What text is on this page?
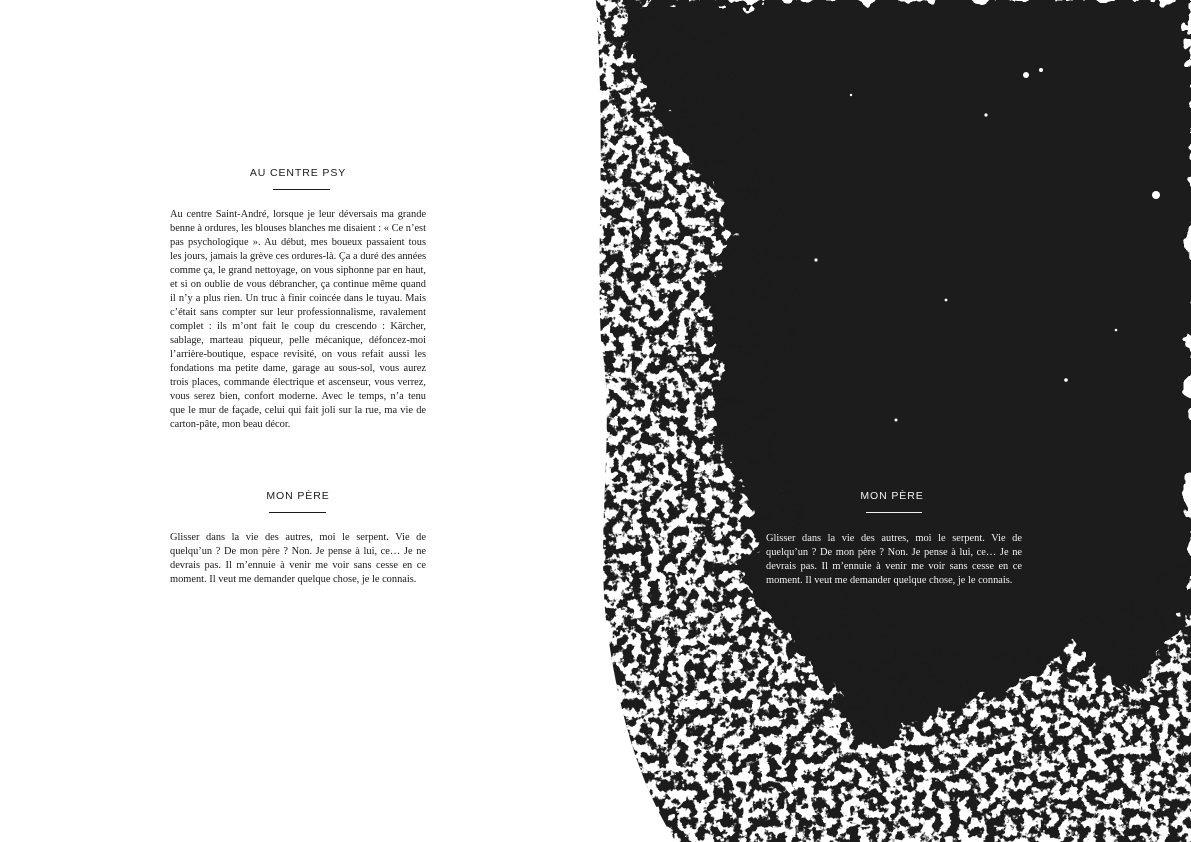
AU CENTRE PSY

Au centre Saint-André, lorsque je leur déversais ma grande benne à ordures, les blouses blanches me disaient : « Ce n’est pas psychologique ». Au début, mes boueux passaient tous les jours, jamais la grève ces ordures-là. Ça a duré des années comme ça, le grand nettoyage, on vous siphonne par en haut, et si on oublie de vous débrancher, ça continue même quand il n’y a plus rien. Un truc à finir coincée dans le tuyau. Mais c’était sans compter sur leur professionnalisme, ravalement complet : ils m’ont fait le coup du crescendo : Kärcher, sablage, marteau piqueur, pelle mécanique, défoncez-moi l’arrière-boutique, espace revisité, on vous refait aussi les fondations ma petite dame, garage au sous-sol, vous aurez trois places, commande électrique et ascenseur, vous verrez, vous serez bien, confort moderne. Avec le temps, n’a tenu que le mur de façade, celui qui fait joli sur la rue, ma vie de carton-pâte, mon beau décor.

MON PÈRE

Glisser dans la vie des autres, moi le serpent. Vie de quelqu’un ? De mon père ? Non. Je pense à lui, ce… Je ne devrais pas. Il m’ennuie à venir me voir sans cesse en ce moment. Il veut me demander quelque chose, je le connais.

MON PÈRE

Glisser dans la vie des autres, moi le serpent. Vie de quelqu’un ? De mon père ? Non. Je pense à lui, ce… Je ne devrais pas. Il m’ennuie à venir me voir sans cesse en ce moment. Il veut me demander quelque chose, je le connais.
